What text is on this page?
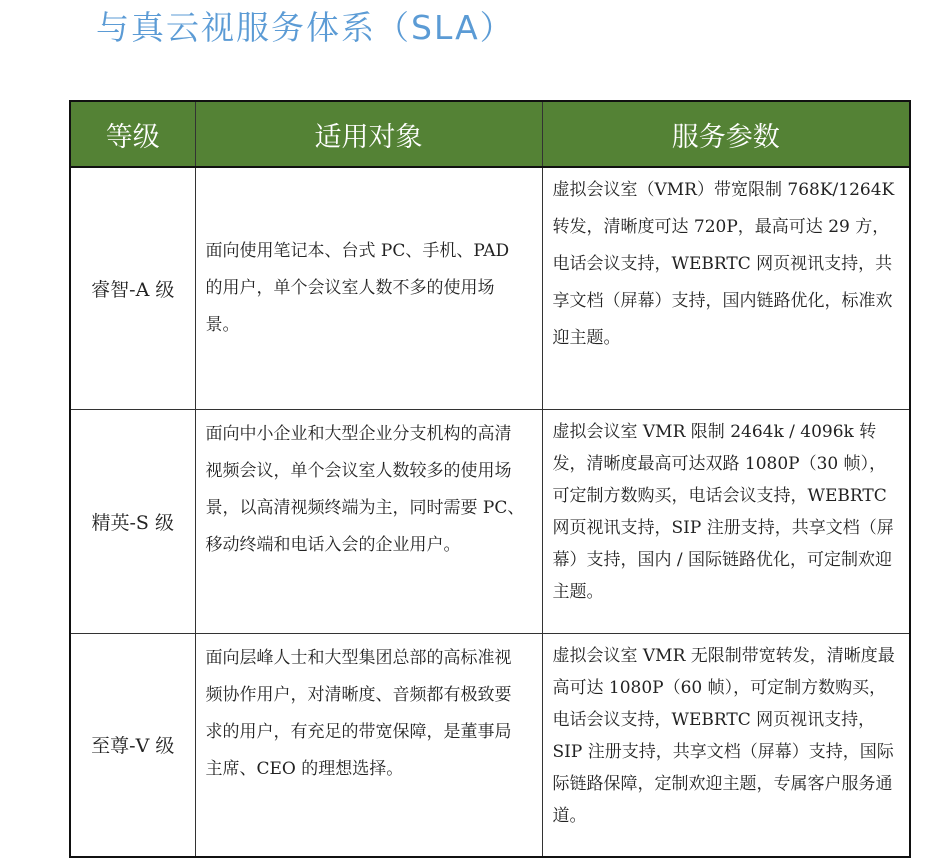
与真云视服务体系（SLA）
等级	适用对象	服务参数
睿智-A 级	面向使用笔记本、台式 PC、手机、PAD 的用户，单个会议室人数不多的使用场景。	虚拟会议室（VMR）带宽限制 768K/1264K 转发，清晰度可达 720P，最高可达 29 方，电话会议支持，WEBRTC 网页视讯支持，共享文档（屏幕）支持，国内链路优化，标准欢迎主题。
精英-S 级	面向中小企业和大型企业分支机构的高清视频会议，单个会议室人数较多的使用场景，以高清视频终端为主，同时需要 PC、移动终端和电话入会的企业用户。	虚拟会议室 VMR 限制 2464k / 4096k 转发，清晰度最高可达双路 1080P（30 帧），可定制方数购买，电话会议支持，WEBRTC 网页视讯支持，SIP 注册支持，共享文档（屏幕）支持，国内 / 国际链路优化，可定制欢迎主题。
至尊-V 级	面向层峰人士和大型集团总部的高标准视频协作用户，对清晰度、音频都有极致要求的用户，有充足的带宽保障，是董事局主席、CEO 的理想选择。	虚拟会议室 VMR 无限制带宽转发，清晰度最高可达 1080P（60 帧），可定制方数购买，电话会议支持，WEBRTC 网页视讯支持，SIP 注册支持，共享文档（屏幕）支持，国际际链路保障，定制欢迎主题，专属客户服务通道。
